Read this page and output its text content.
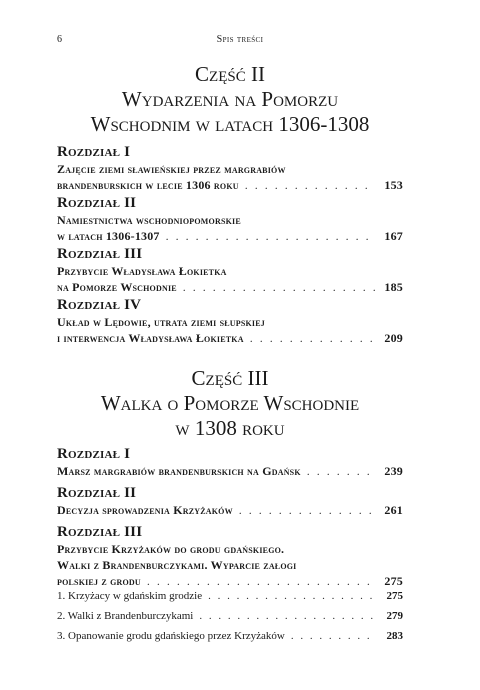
6	Spis treści
Część II
Wydarzenia na Pomorzu
Wschodnim w latach 1306-1308
Rozdział I
Zajęcie ziemi sławieńskiej przez margrabiów
brandenburskich w lecie 1306 roku . . .	153
Rozdział II
Namiestnictwa wschodniopomorskie
w latach 1306-1307 . . .	167
Rozdział III
Przybycie Władysława Łokietka
na Pomorze Wschodnie . . .	185
Rozdział IV
Układ w Lędowie, utrata ziemi słupskiej
i interwencja Władysława Łokietka . . .	209
Część III
Walka o Pomorze Wschodnie
w 1308 roku
Rozdział I
Marsz margrabiów brandenburskich na Gdańsk . . .	239
Rozdział II
Decyzja sprowadzenia Krzyżaków . . .	261
Rozdział III
Przybycie Krzyżaków do grodu gdańskiego.
Walki z Brandenburczykami. Wyparcie załogi
polskiej z grodu . . .	275
1. Krzyżacy w gdańskim grodzie . . .	275
2. Walki z Brandenburczykami . . .	279
3. Opanowanie grodu gdańskiego przez Krzyżaków . . .	283
